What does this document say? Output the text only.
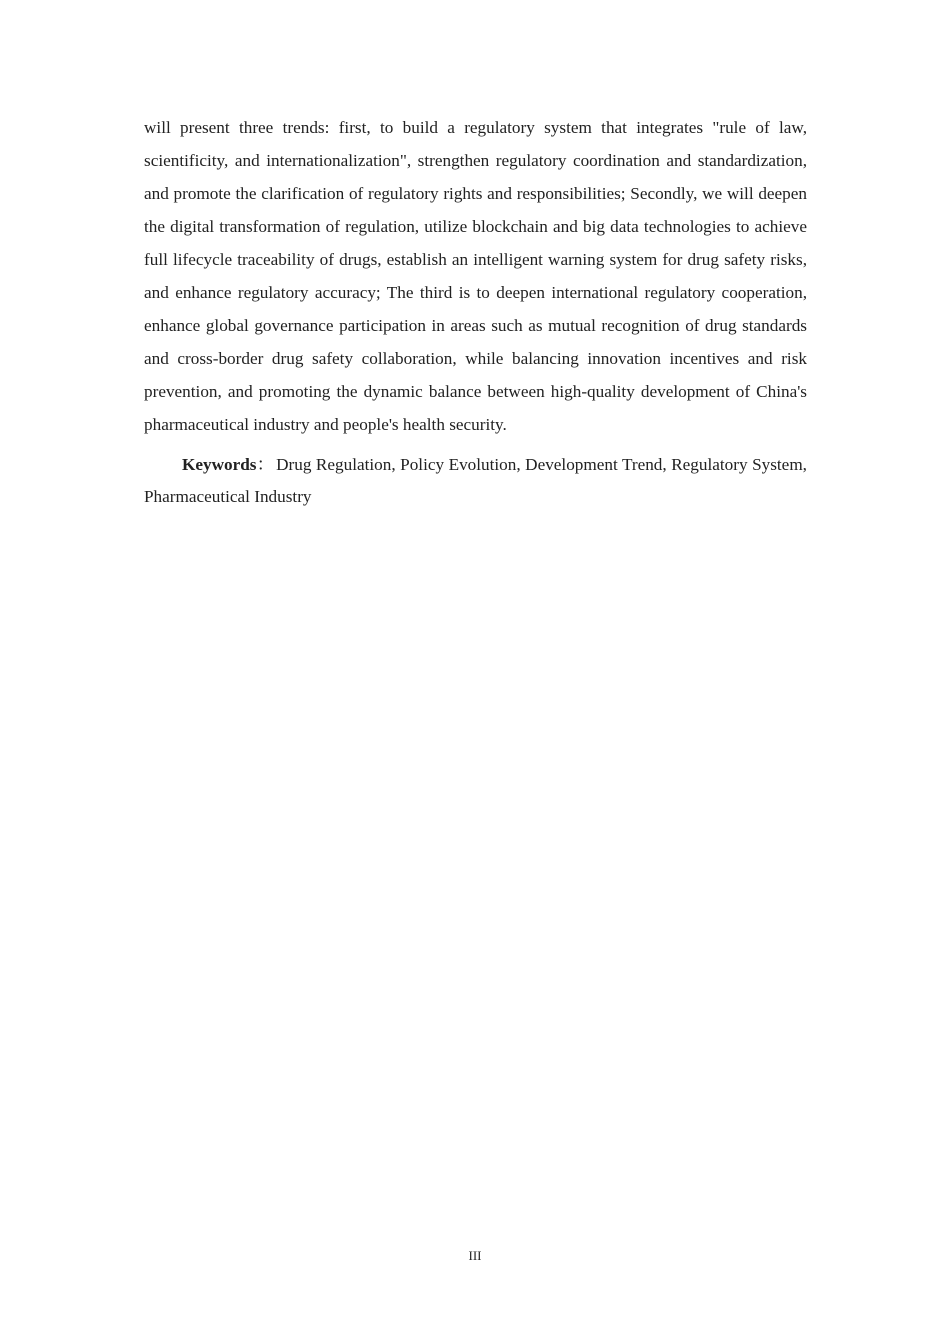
will present three trends: first, to build a regulatory system that integrates "rule of law, scientificity, and internationalization", strengthen regulatory coordination and standardization, and promote the clarification of regulatory rights and responsibilities; Secondly, we will deepen the digital transformation of regulation, utilize blockchain and big data technologies to achieve full lifecycle traceability of drugs, establish an intelligent warning system for drug safety risks, and enhance regulatory accuracy; The third is to deepen international regulatory cooperation, enhance global governance participation in areas such as mutual recognition of drug standards and cross-border drug safety collaboration, while balancing innovation incentives and risk prevention, and promoting the dynamic balance between high-quality development of China's pharmaceutical industry and people's health security.

Keywords： Drug Regulation, Policy Evolution, Development Trend, Regulatory System, Pharmaceutical Industry

III
